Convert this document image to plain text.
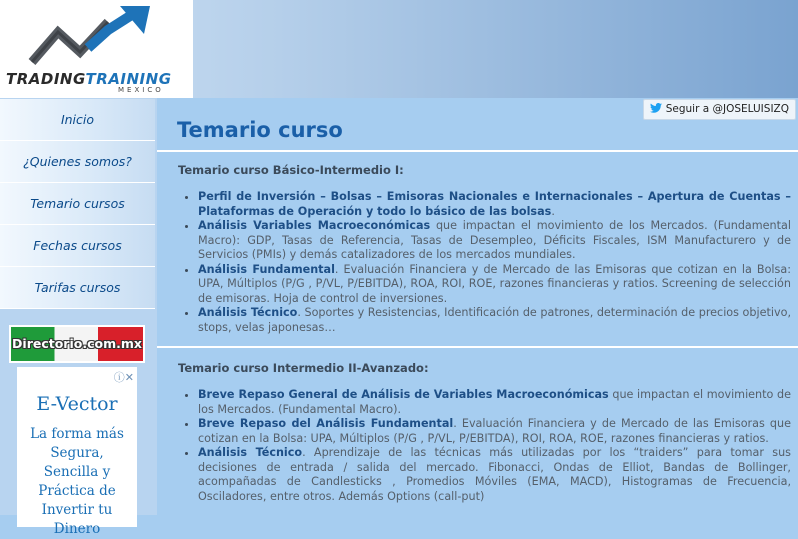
TRADINGTRAINING
MEXICO
Inicio
¿Quienes somos?
Temario cursos
Fechas cursos
Tarifas cursos
Directorio.com.mx
ⓘ✕
E-Vector
La forma más Segura, Sencilla y Práctica de Invertir tu Dinero
Seguir a @JOSELUISIZQ
Temario curso
Temario curso Básico-Intermedio I:
• Perfil de Inversión – Bolsas – Emisoras Nacionales e Internacionales – Apertura de Cuentas – Plataformas de Operación y todo lo básico de las bolsas.
• Análisis Variables Macroeconómicas que impactan el movimiento de los Mercados. (Fundamental Macro): GDP, Tasas de Referencia, Tasas de Desempleo, Déficits Fiscales, ISM Manufacturero y de Servicios (PMIs) y demás catalizadores de los mercados mundiales.
• Análisis Fundamental. Evaluación Financiera y de Mercado de las Emisoras que cotizan en la Bolsa: UPA, Múltiplos (P/G , P/VL, P/EBITDA), ROA, ROI, ROE, razones financieras y ratios. Screening de selección de emisoras. Hoja de control de inversiones.
• Análisis Técnico. Soportes y Resistencias, Identificación de patrones, determinación de precios objetivo, stops, velas japonesas…
Temario curso Intermedio II-Avanzado:
• Breve Repaso General de Análisis de Variables Macroeconómicas que impactan el movimiento de los Mercados. (Fundamental Macro).
• Breve Repaso del Análisis Fundamental. Evaluación Financiera y de Mercado de las Emisoras que cotizan en la Bolsa: UPA, Múltiplos (P/G , P/VL, P/EBITDA), ROI, ROA, ROE, razones financieras y ratios.
• Análisis Técnico. Aprendizaje de las técnicas más utilizadas por los “traiders” para tomar sus decisiones de entrada / salida del mercado. Fibonacci, Ondas de Elliot, Bandas de Bollinger, acompañadas de Candlesticks , Promedios Móviles (EMA, MACD), Histogramas de Frecuencia, Osciladores, entre otros. Además Options (call-put)
